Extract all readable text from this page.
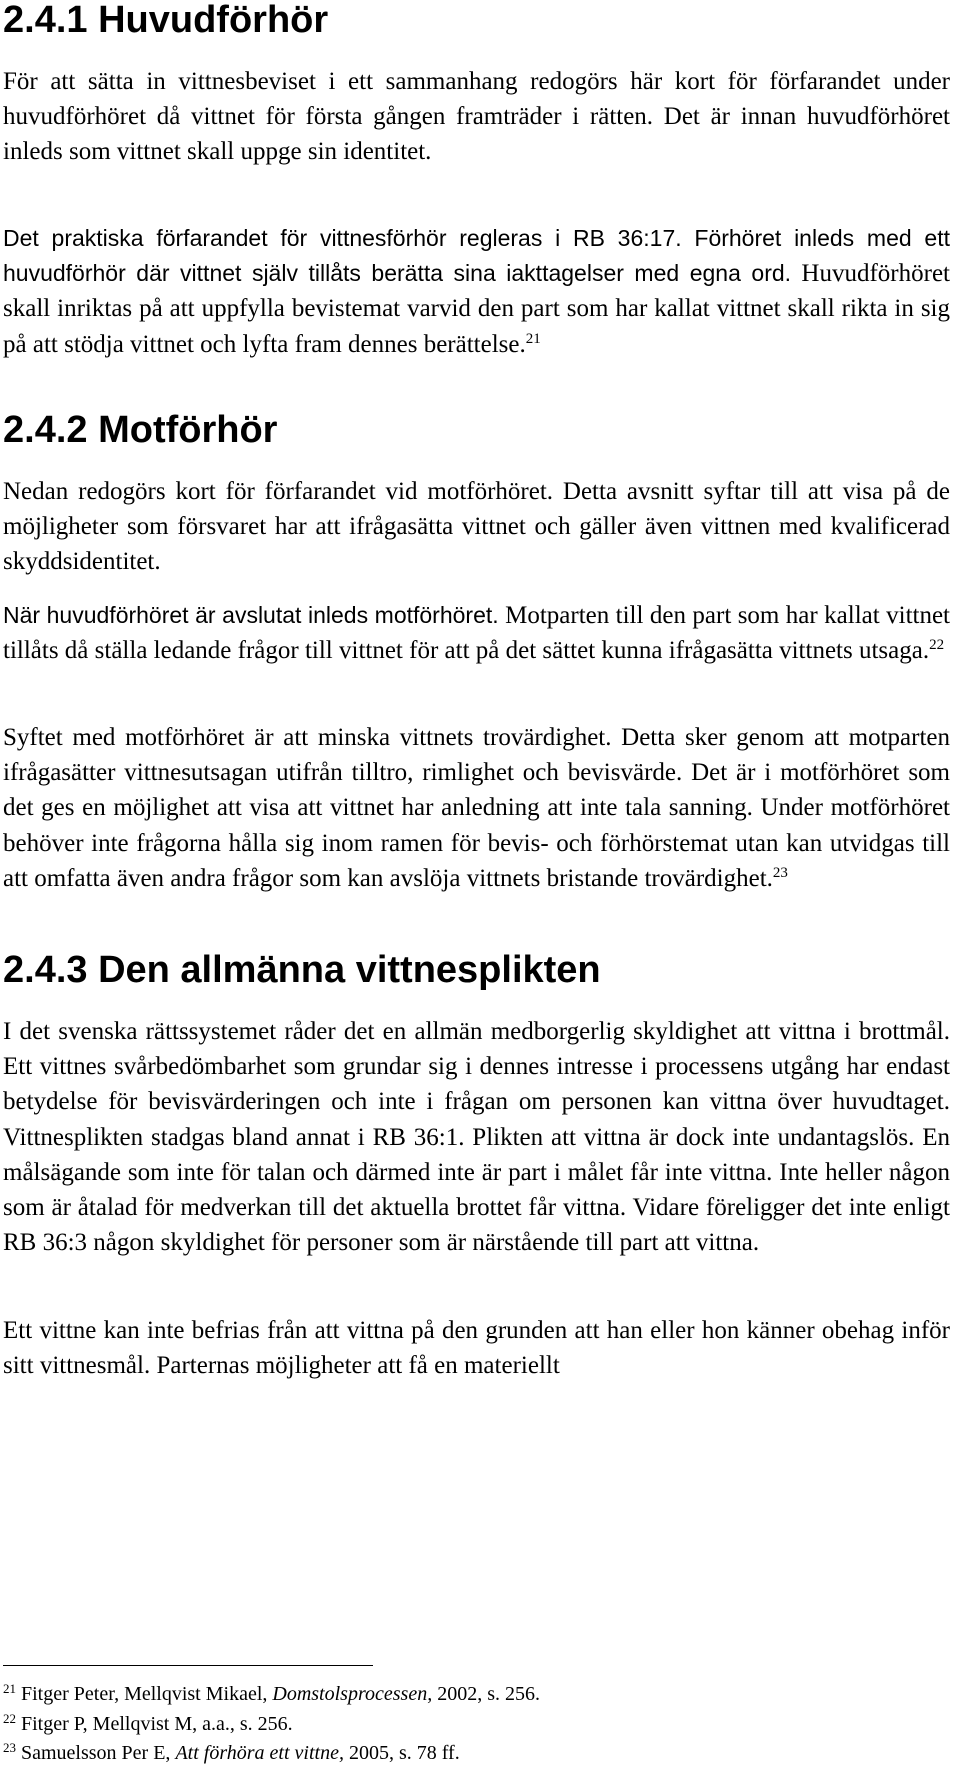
2.4.1 Huvudförhör

För att sätta in vittnesbeviset i ett sammanhang redogörs här kort för förfarandet under huvudförhöret då vittnet för första gången framträder i rätten. Det är innan huvudförhöret inleds som vittnet skall uppge sin identitet.

Det praktiska förfarandet för vittnesförhör regleras i RB 36:17. Förhöret inleds med ett huvudförhör där vittnet själv tillåts berätta sina iakttagelser med egna ord. Huvudförhöret skall inriktas på att uppfylla bevistemat varvid den part som har kallat vittnet skall rikta in sig på att stödja vittnet och lyfta fram dennes berättelse.$^{21}$

2.4.2 Motförhör

Nedan redogörs kort för förfarandet vid motförhöret. Detta avsnitt syftar till att visa på de möjligheter som försvaret har att ifrågasätta vittnet och gäller även vittnen med kvalificerad skyddsidentitet.

När huvudförhöret är avslutat inleds motförhöret. Motparten till den part som har kallat vittnet tillåts då ställa ledande frågor till vittnet för att på det sättet kunna ifrågasätta vittnets utsaga.$^{22}$

Syftet med motförhöret är att minska vittnets trovärdighet. Detta sker genom att motparten ifrågasätter vittnesutsagan utifrån tilltro, rimlighet och bevisvärde. Det är i motförhöret som det ges en möjlighet att visa att vittnet har anledning att inte tala sanning. Under motförhöret behöver inte frågorna hålla sig inom ramen för bevis- och förhörstemat utan kan utvidgas till att omfatta även andra frågor som kan avslöja vittnets bristande trovärdighet.$^{23}$

2.4.3 Den allmänna vittnesplikten

I det svenska rättssystemet råder det en allmän medborgerlig skyldighet att vittna i brottmål. Ett vittnes svårbedömbarhet som grundar sig i dennes intresse i processens utgång har endast betydelse för bevisvärderingen och inte i frågan om personen kan vittna över huvudtaget. Vittnesplikten stadgas bland annat i RB 36:1. Plikten att vittna är dock inte undantagslös. En målsägande som inte för talan och därmed inte är part i målet får inte vittna. Inte heller någon som är åtalad för medverkan till det aktuella brottet får vittna. Vidare föreligger det inte enligt RB 36:3 någon skyldighet för personer som är närstående till part att vittna.

Ett vittne kan inte befrias från att vittna på den grunden att han eller hon känner obehag inför sitt vittnesmål. Parternas möjligheter att få en materiellt

$^{21}$ Fitger Peter, Mellqvist Mikael, Domstolsprocessen, 2002, s. 256.

$^{22}$ Fitger P, Mellqvist M, a.a., s. 256.

$^{23}$ Samuelsson Per E, Att förhöra ett vittne, 2005, s. 78 ff.
